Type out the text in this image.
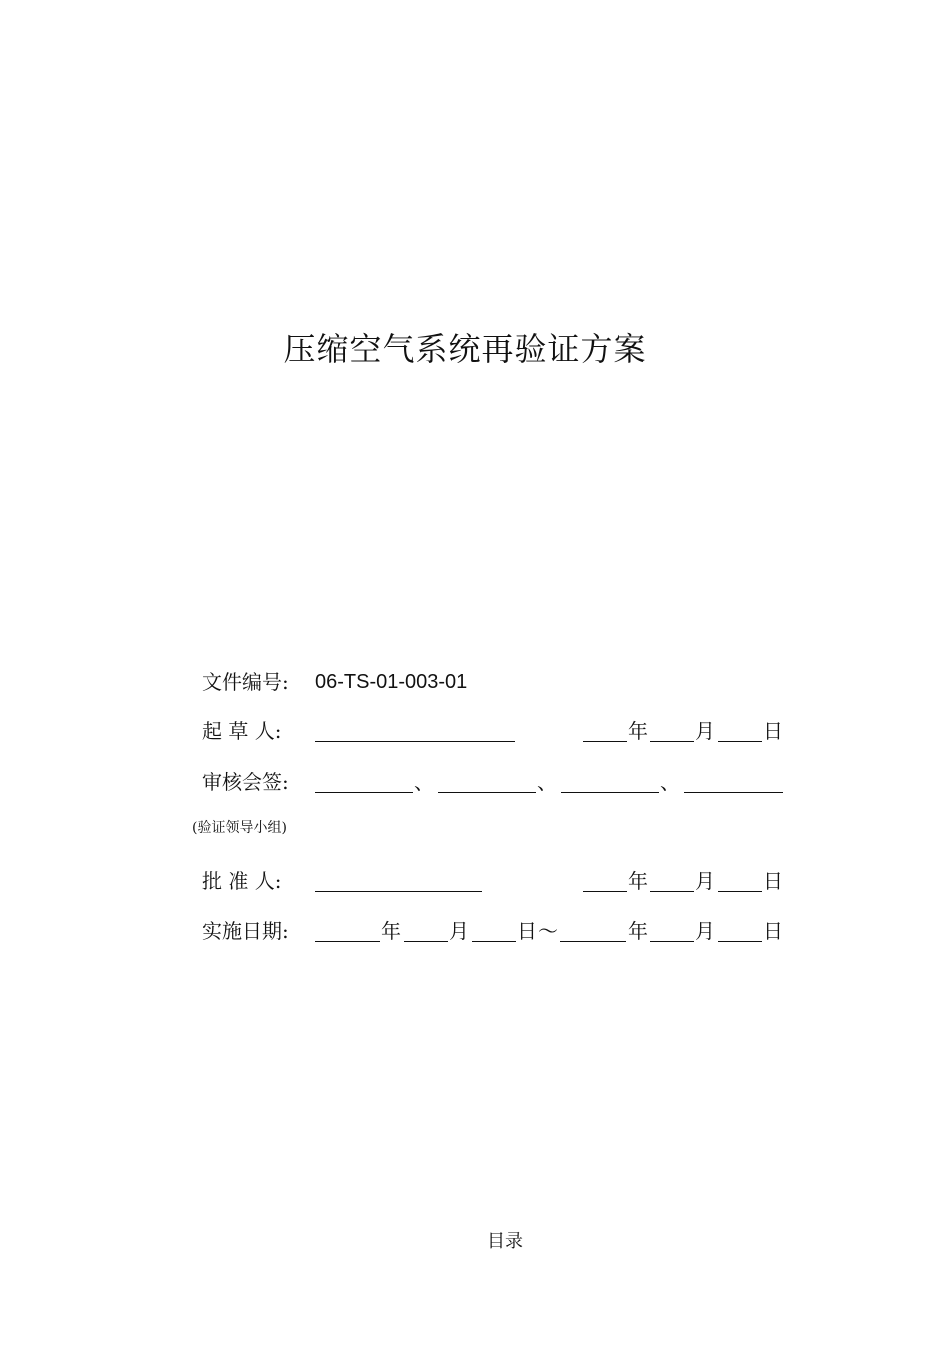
压缩空气系统再验证方案
文件编号: 06-TS-01-003-01
起 草 人:	年 月 日
审核会签:	、	、	、
(验证领导小组)
批 准 人:	年 月 日
实施日期:	年 月 日 ～	年 月 日
目录
